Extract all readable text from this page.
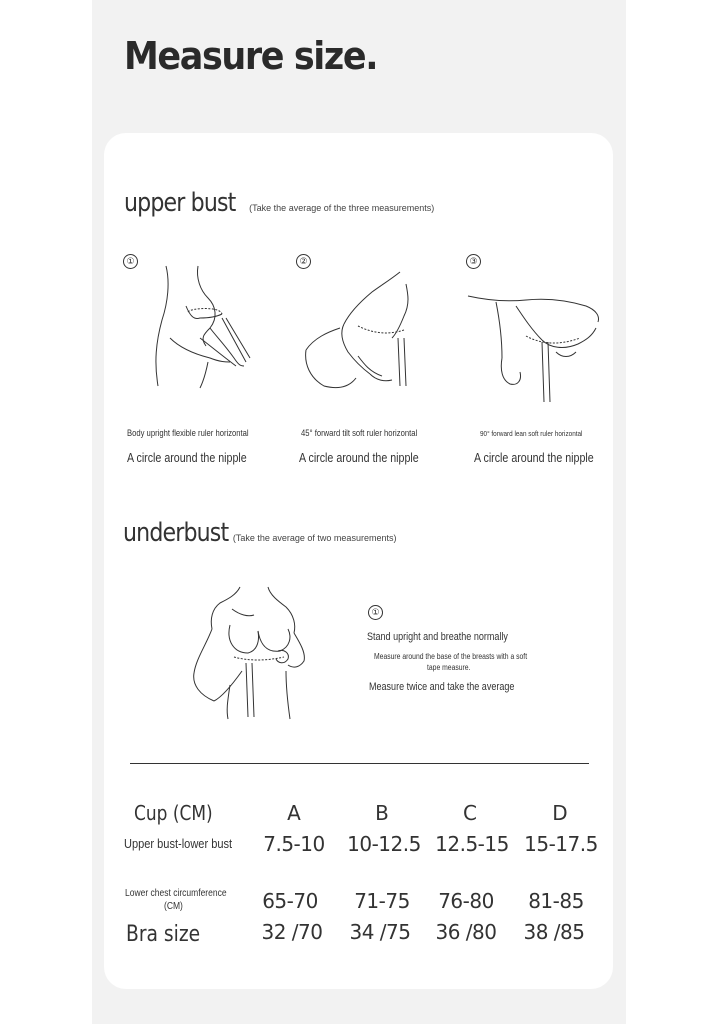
Measure size.
upper bust (Take the average of the three measurements)
①	②	③
Body upright flexible ruler horizontal	45° forward tilt soft ruler horizontal	90° forward lean soft ruler horizontal
A circle around the nipple	A circle around the nipple	A circle around the nipple
underbust (Take the average of two measurements)
①
Stand upright and breathe normally
Measure around the base of the breasts with a soft
tape measure.
Measure twice and take the average
Cup (CM)	A	B	C	D
Upper bust-lower bust	7.5-10	10-12.5 12.5-15 15-17.5
Lower chest circumference
(CM)	65-70	71-75	76-80	81-85
Bra size	32 /70	34 /75	36 /80	38 /85
